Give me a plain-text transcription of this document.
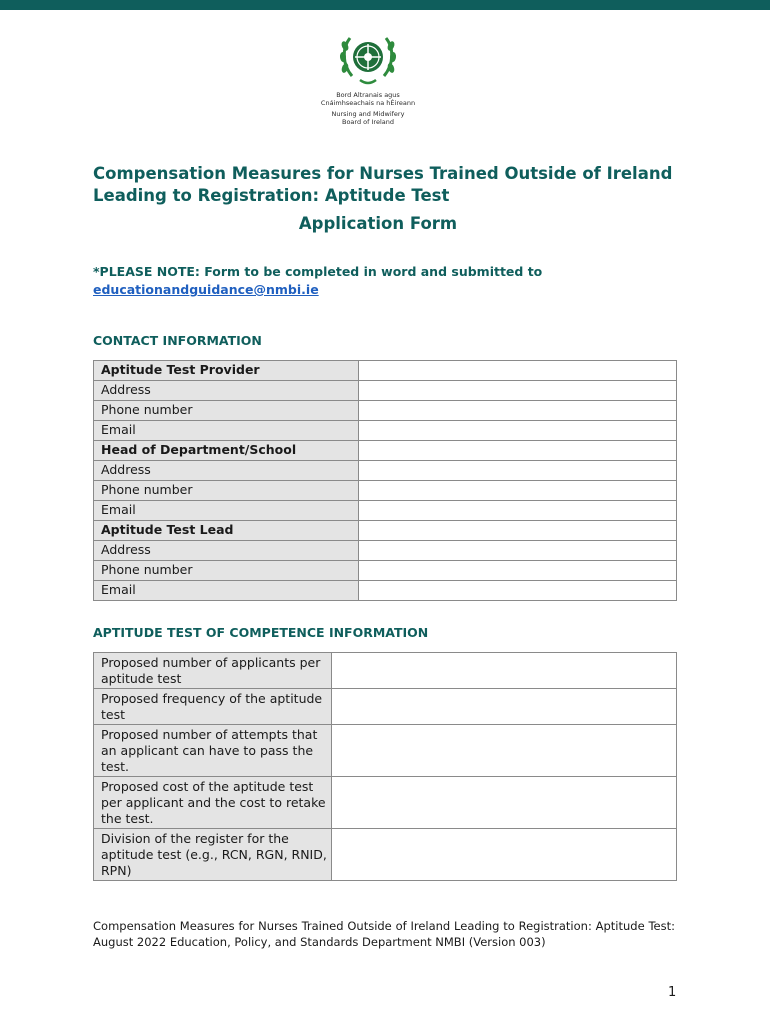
Bord Altranais agus
Cnáimhseachais na hÉireann
Nursing and Midwifery
Board of Ireland
Compensation Measures for Nurses Trained Outside of Ireland Leading to Registration: Aptitude Test
Application Form
*PLEASE NOTE: Form to be completed in word and submitted to
educationandguidance@nmbi.ie
CONTACT INFORMATION
Aptitude Test Provider	
Address	
Phone number	
Email	
Head of Department/School	
Address	
Phone number	
Email	
Aptitude Test Lead	
Address	
Phone number	
Email	
APTITUDE TEST OF COMPETENCE INFORMATION
Proposed number of applicants per aptitude test	
Proposed frequency of the aptitude test	
Proposed number of attempts that an applicant can have to pass the test.	
Proposed cost of the aptitude test per applicant and the cost to retake the test.	
Division of the register for the aptitude test (e.g., RCN, RGN, RNID, RPN)	
Compensation Measures for Nurses Trained Outside of Ireland Leading to Registration: Aptitude Test: August 2022 Education, Policy, and Standards Department NMBI (Version 003)
1
